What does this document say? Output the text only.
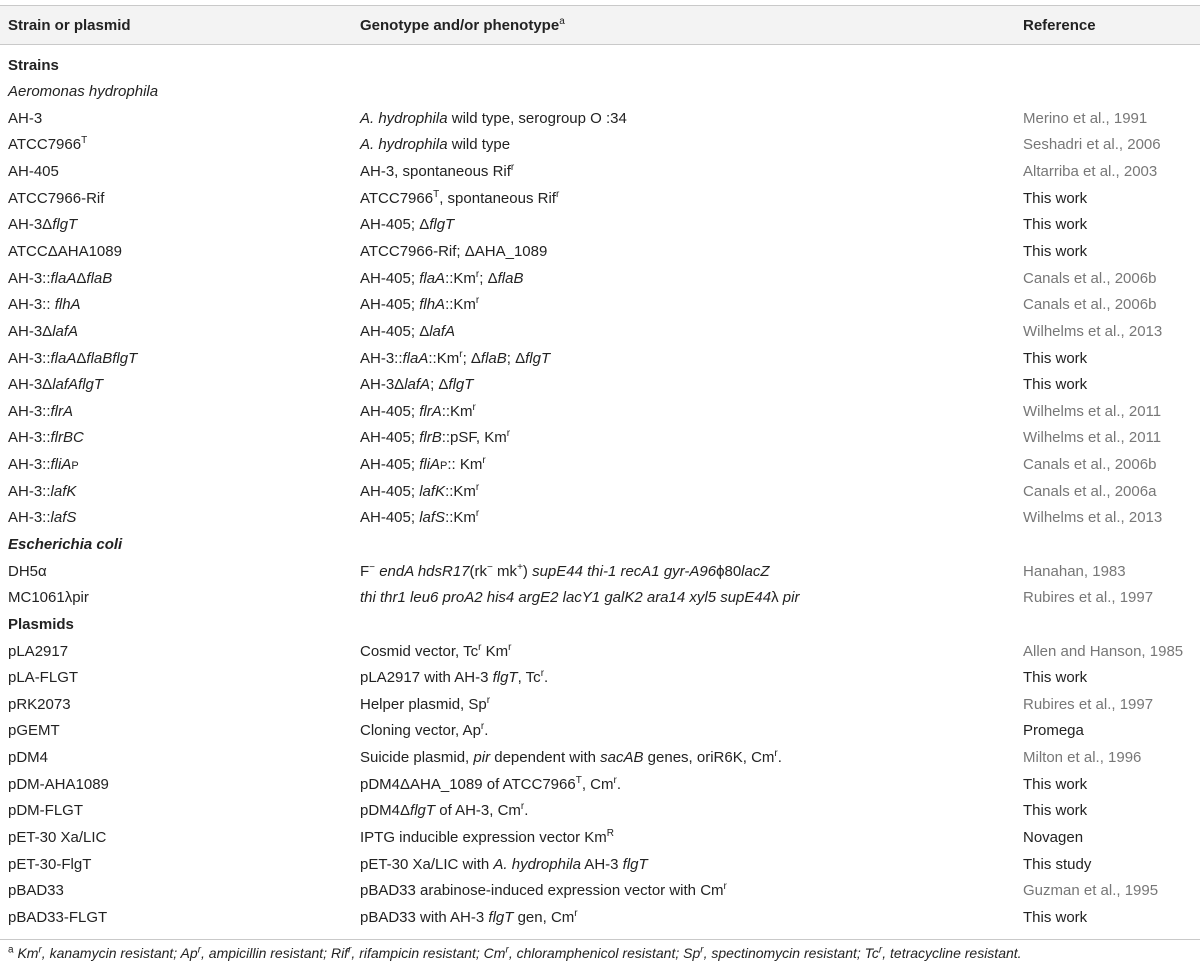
Strain or plasmid	Genotype and/or phenotype$^a$	Reference
Strains
Aeromonas hydrophila
AH-3	A. hydrophila wild type, serogroup O :34	Merino et al., 1991
$ATCC7966^T$	A. hydrophila wild type	Seshadri et al., 2006
AH-405	AH-3, spontaneous Rif$^r$	Altarriba et al., 2003
ATCC7966-Rif	$ATCC7966^T$, spontaneous Rif$^r$	This work
AH-3ΔflgT	AH-405; ΔflgT	This work
ATCCΔAHA1089	ATCC7966-Rif; ΔAHA_1089	This work
AH-3::flaAΔflaB	AH-405; flaA::Km$^r$; ΔflaB	Canals et al., 2006b
AH-3:: flhA	AH-405; flhA::Km$^r$	Canals et al., 2006b
AH-3ΔlafA	AH-405; ΔlafA	Wilhelms et al., 2013
AH-3::flaAΔflaBflgT	AH-3::flaA::Km$^r$; ΔflaB; ΔflgT	This work
AH-3ΔlafAflgT	AH-3ΔlafA; ΔflgT	This work
AH-3::flrA	AH-405; flrA::Km$^r$	Wilhelms et al., 2011
AH-3::flrBC	AH-405; flrB::pSF, Km$^r$	Wilhelms et al., 2011
AH-3::fliAP	AH-405; fliAP:: Km$^r$	Canals et al., 2006b
AH-3::lafK	AH-405; lafK::Km$^r$	Canals et al., 2006a
AH-3::lafS	AH-405; lafS::Km$^r$	Wilhelms et al., 2013
Escherichia coli
DH5α	F− endA hdsR17(rk− mk+) supE44 thi-1 recA1 gyr-A96ϕ80lacZ	Hanahan, 1983
MC1061λpir	thi thr1 leu6 proA2 his4 argE2 lacY1 galK2 ara14 xyl5 supE44λ pir	Rubires et al., 1997
Plasmids
pLA2917	Cosmid vector, Tc$^r$ Km$^r$	Allen and Hanson, 1985
pLA-FLGT	pLA2917 with AH-3 flgT, Tc$^r$.	This work
pRK2073	Helper plasmid, Sp$^r$	Rubires et al., 1997
pGEMT	Cloning vector, Ap$^r$.	Promega
pDM4	Suicide plasmid, pir dependent with sacAB genes, oriR6K, Cm$^r$.	Milton et al., 1996
pDM-AHA1089	pDM4ΔAHA_1089 of $ATCC7966^T$, Cm$^r$.	This work
pDM-FLGT	pDM4ΔflgT of AH-3, Cm$^r$.	This work
pET-30 Xa/LIC	IPTG inducible expression vector $Km^R$	Novagen
pET-30-FlgT	pET-30 Xa/LIC with A. hydrophila AH-3 flgT	This study
pBAD33	pBAD33 arabinose-induced expression vector with Cm$^r$	Guzman et al., 1995
pBAD33-FLGT	pBAD33 with AH-3 flgT gen, Cm$^r$	This work
$^a$ Km$^r$, kanamycin resistant; Ap$^r$, ampicillin resistant; Rif$^r$, rifampicin resistant; Cm$^r$, chloramphenicol resistant; Sp$^r$, spectinomycin resistant; Tc$^r$, tetracycline resistant.
